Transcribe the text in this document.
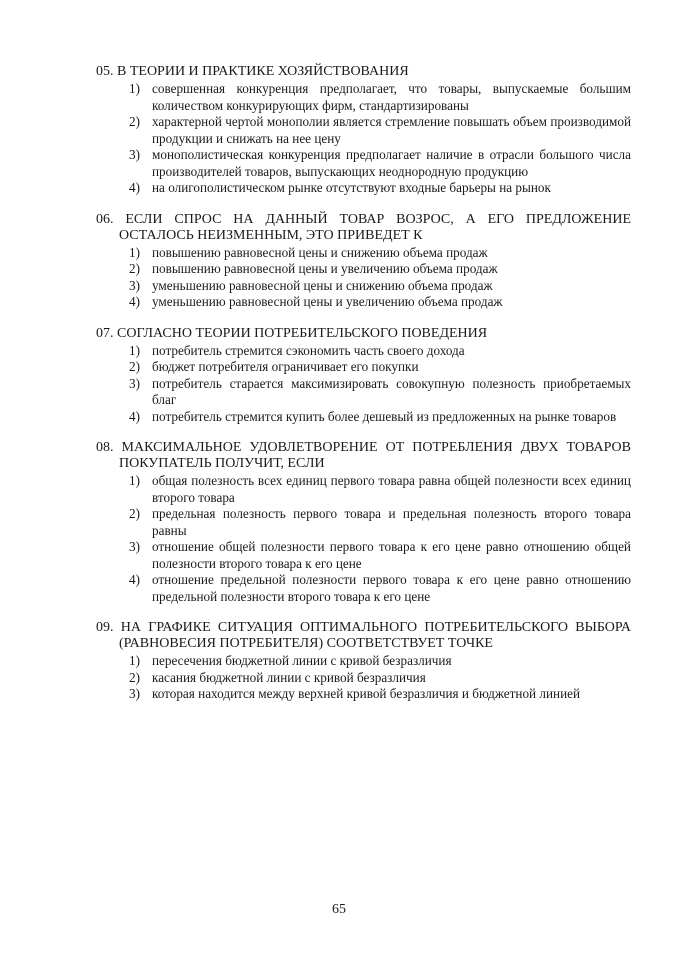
05. В ТЕОРИИ И ПРАКТИКЕ ХОЗЯЙСТВОВАНИЯ

1) совершенная конкуренция предполагает, что товары, выпускаемые большим количеством конкурирующих фирм, стандартизированы
2) характерной чертой монополии является стремление повышать объем производимой продукции и снижать на нее цену
3) монополистическая конкуренция предполагает наличие в отрасли большого числа производителей товаров, выпускающих неоднородную продукцию
4) на олигополистическом рынке отсутствуют входные барьеры на рынок

06. ЕСЛИ СПРОС НА ДАННЫЙ ТОВАР ВОЗРОС, А ЕГО ПРЕДЛОЖЕНИЕ ОСТАЛОСЬ НЕИЗМЕННЫМ, ЭТО ПРИВЕДЕТ К

1) повышению равновесной цены и снижению объема продаж
2) повышению равновесной цены и увеличению объема продаж
3) уменьшению равновесной цены и снижению объема продаж
4) уменьшению равновесной цены и увеличению объема продаж

07. СОГЛАСНО ТЕОРИИ ПОТРЕБИТЕЛЬСКОГО ПОВЕДЕНИЯ

1) потребитель стремится сэкономить часть своего дохода
2) бюджет потребителя ограничивает его покупки
3) потребитель старается максимизировать совокупную полезность приобретаемых благ
4) потребитель стремится купить более дешевый из предложенных на рынке товаров

08. МАКСИМАЛЬНОЕ УДОВЛЕТВОРЕНИЕ ОТ ПОТРЕБЛЕНИЯ ДВУХ ТОВАРОВ ПОКУПАТЕЛЬ ПОЛУЧИТ, ЕСЛИ

1) общая полезность всех единиц первого товара равна общей полезности всех единиц второго товара
2) предельная полезность первого товара и предельная полезность второго товара равны
3) отношение общей полезности первого товара к его цене равно отношению общей полезности второго товара к его цене
4) отношение предельной полезности первого товара к его цене равно отношению предельной полезности второго товара к его цене

09. НА ГРАФИКЕ СИТУАЦИЯ ОПТИМАЛЬНОГО ПОТРЕБИТЕЛЬСКОГО ВЫБОРА (РАВНОВЕСИЯ ПОТРЕБИТЕЛЯ) СООТВЕТСТВУЕТ ТОЧКЕ

1) пересечения бюджетной линии с кривой безразличия
2) касания бюджетной линии с кривой безразличия
3) которая находится между верхней кривой безразличия и бюджетной линией
65
